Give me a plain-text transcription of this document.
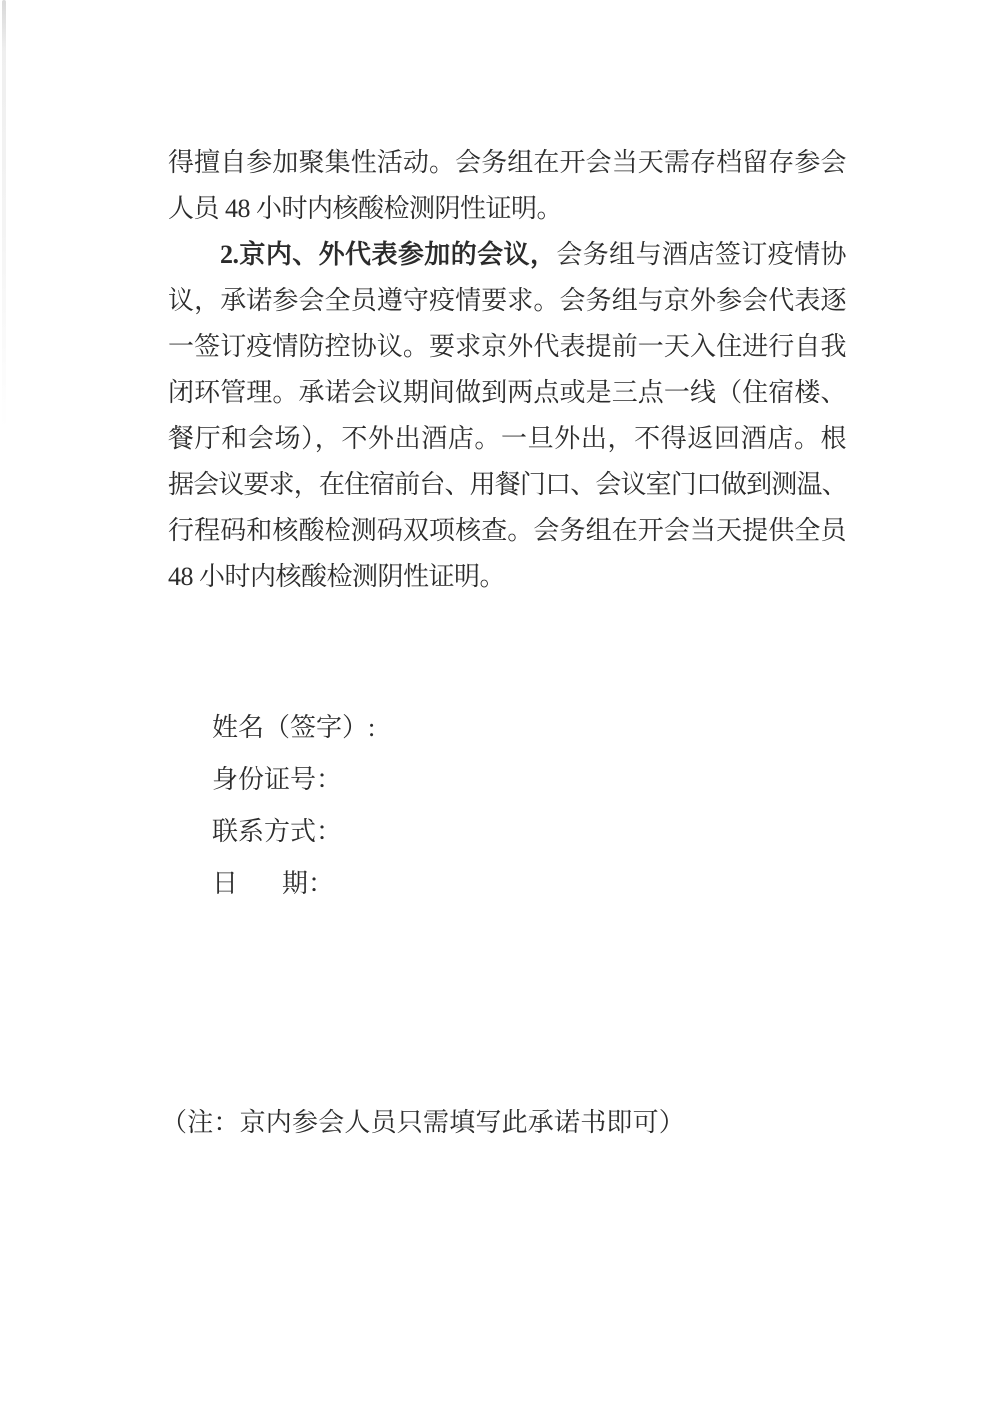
得擅自参加聚集性活动。会务组在开会当天需存档留存参会
人员 48 小时内核酸检测阴性证明。
2.京内、外代表参加的会议，会务组与酒店签订疫情协
议，承诺参会全员遵守疫情要求。会务组与京外参会代表逐
一签订疫情防控协议。要求京外代表提前一天入住进行自我
闭环管理。承诺会议期间做到两点或是三点一线（住宿楼、
餐厅和会场），不外出酒店。一旦外出，不得返回酒店。根
据会议要求，在住宿前台、用餐门口、会议室门口做到测温、
行程码和核酸检测码双项核查。会务组在开会当天提供全员
48 小时内核酸检测阴性证明。
姓名（签字）:
身份证号：
联系方式：
日 期：
（注：京内参会人员只需填写此承诺书即可）
